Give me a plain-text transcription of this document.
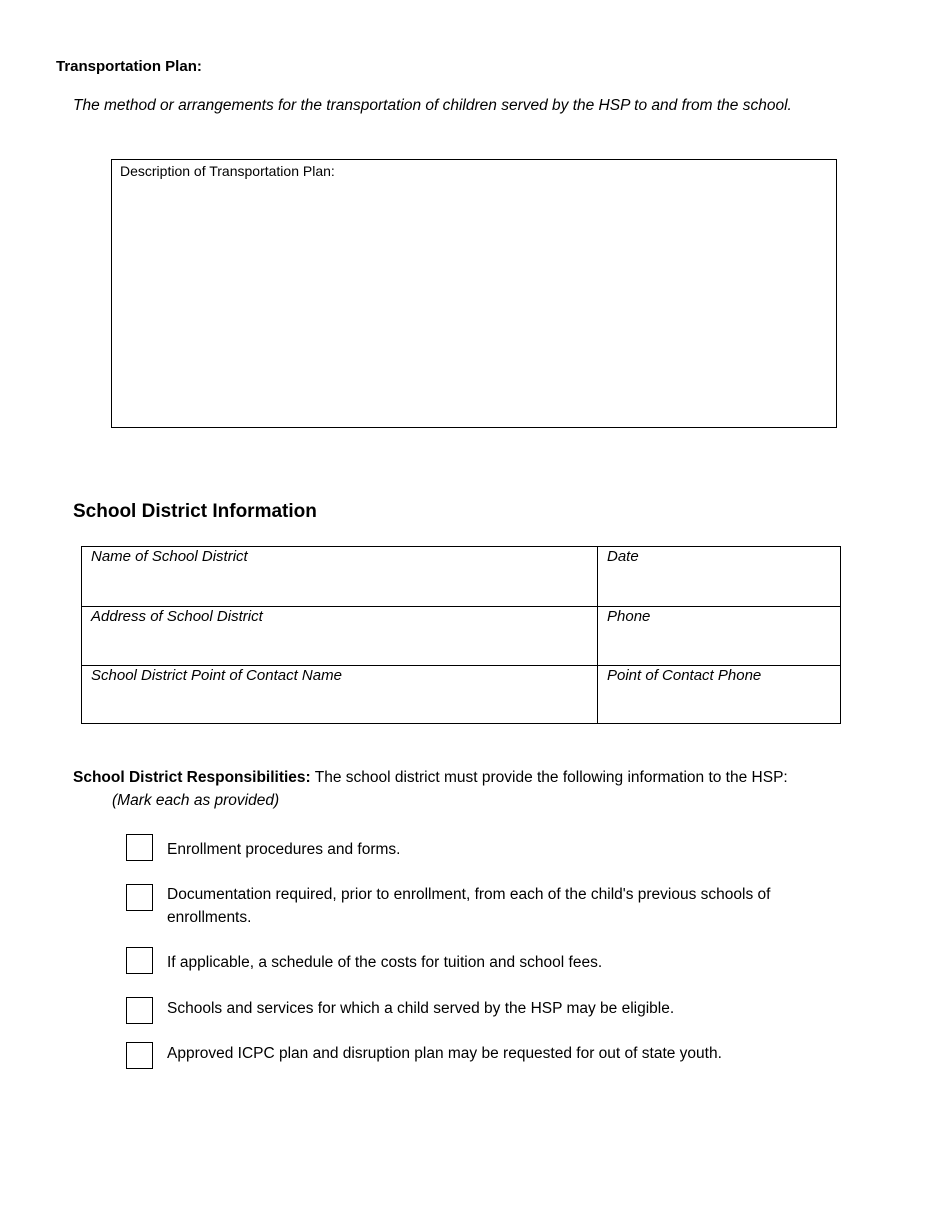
Transportation Plan:
The method or arrangements for the transportation of children served by the HSP to and from the school.
Description of Transportation Plan:
School District Information
Name of School District	Date
Address of School District	Phone
School District Point of Contact Name	Point of Contact Phone
School District Responsibilities: The school district must provide the following information to the HSP:
(Mark each as provided)
Enrollment procedures and forms.
Documentation required, prior to enrollment, from each of the child's previous schools of enrollments.
If applicable, a schedule of the costs for tuition and school fees.
Schools and services for which a child served by the HSP may be eligible.
Approved ICPC plan and disruption plan may be requested for out of state youth.
